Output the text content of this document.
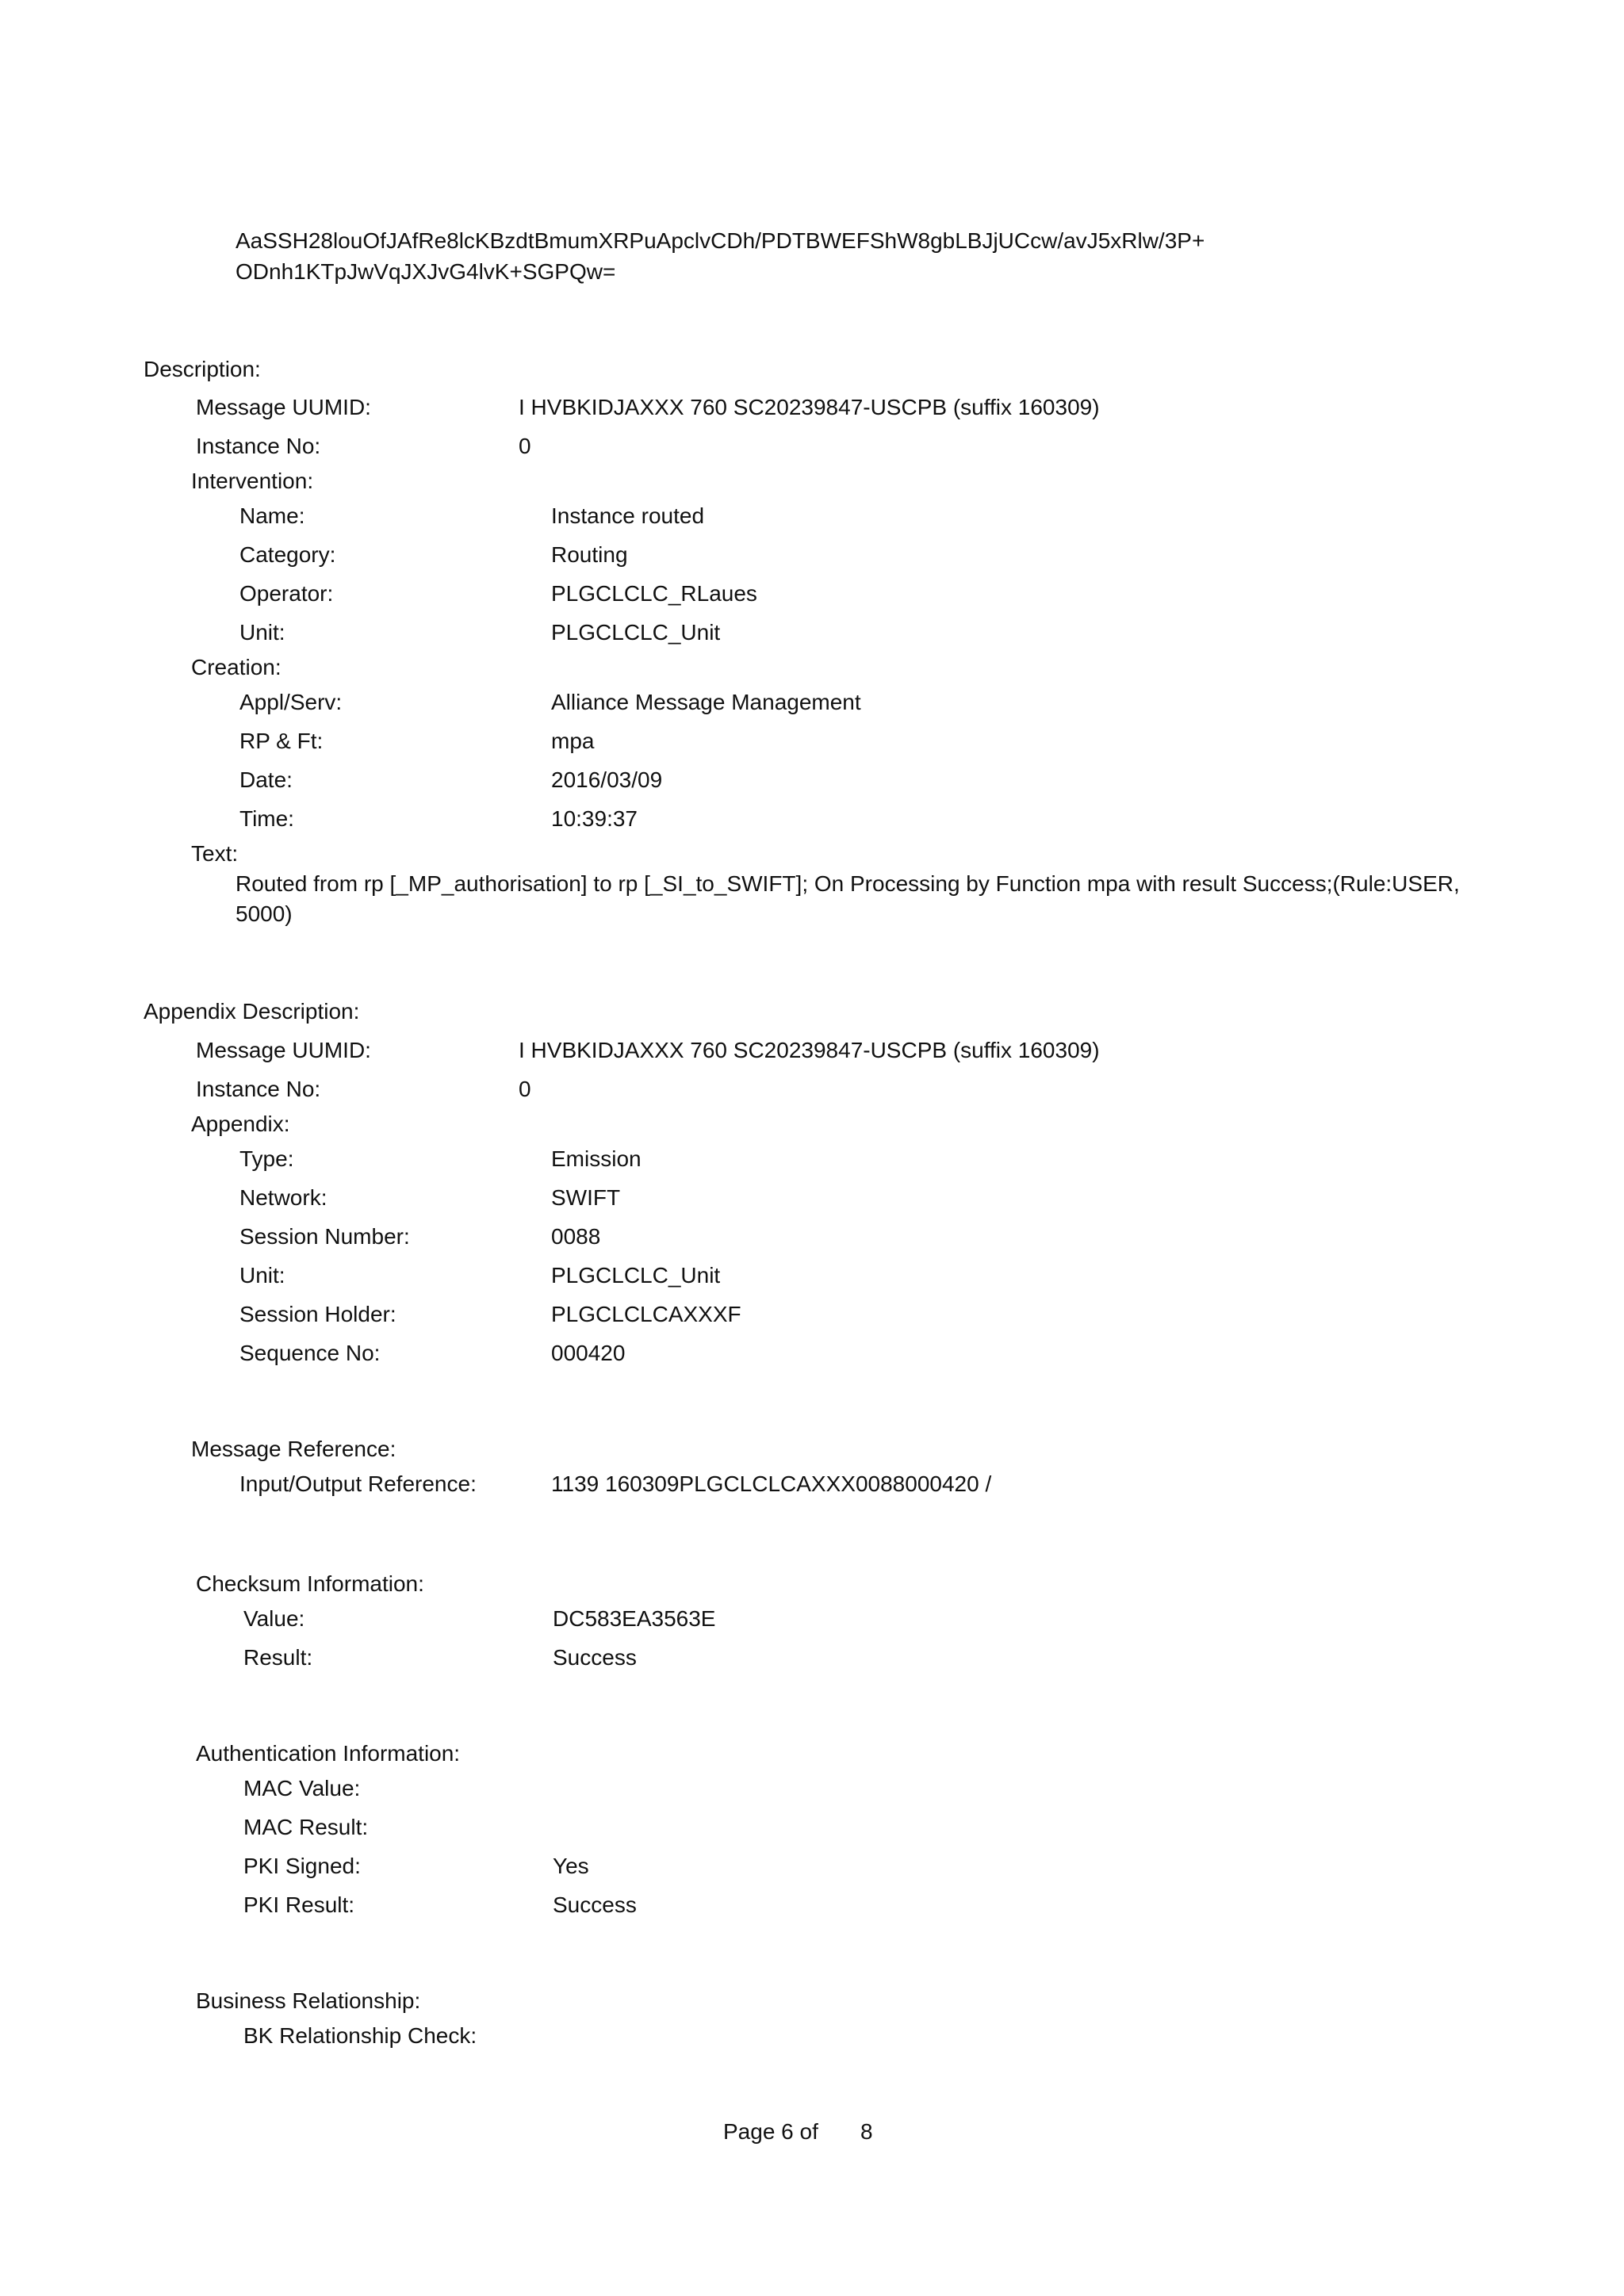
AaSSH28louOfJAfRe8lcKBzdtBmumXRPuApclvCDh/PDTBWEFShW8gbLBJjUCcw/avJ5xRlw/3P+
ODnh1KTpJwVqJXJvG4lvK+SGPQw=
Description:
Message UUMID:	I HVBKIDJAXXX 760 SC20239847-USCPB (suffix 160309)
Instance No:	0
Intervention:
Name:	Instance routed
Category:	Routing
Operator:	PLGCLCLC_RLaues
Unit:	PLGCLCLC_Unit
Creation:
Appl/Serv:	Alliance Message Management
RP & Ft:	mpa
Date:	2016/03/09
Time:	10:39:37
Text:
Routed from rp [_MP_authorisation] to rp [_SI_to_SWIFT]; On Processing by Function mpa with result Success;(Rule:USER, 5000)
Appendix Description:
Message UUMID:	I HVBKIDJAXXX 760 SC20239847-USCPB (suffix 160309)
Instance No:	0
Appendix:
Type:	Emission
Network:	SWIFT
Session Number:	0088
Unit:	PLGCLCLC_Unit
Session Holder:	PLGCLCLCAXXXF
Sequence No:	000420
Message Reference:
Input/Output Reference:	1139 160309PLGCLCLCAXXX0088000420 /
Checksum Information:
Value:	DC583EA3563E
Result:	Success
Authentication Information:
MAC Value:
MAC Result:
PKI Signed:	Yes
PKI Result:	Success
Business Relationship:
BK Relationship Check:
Page 6 of 8
